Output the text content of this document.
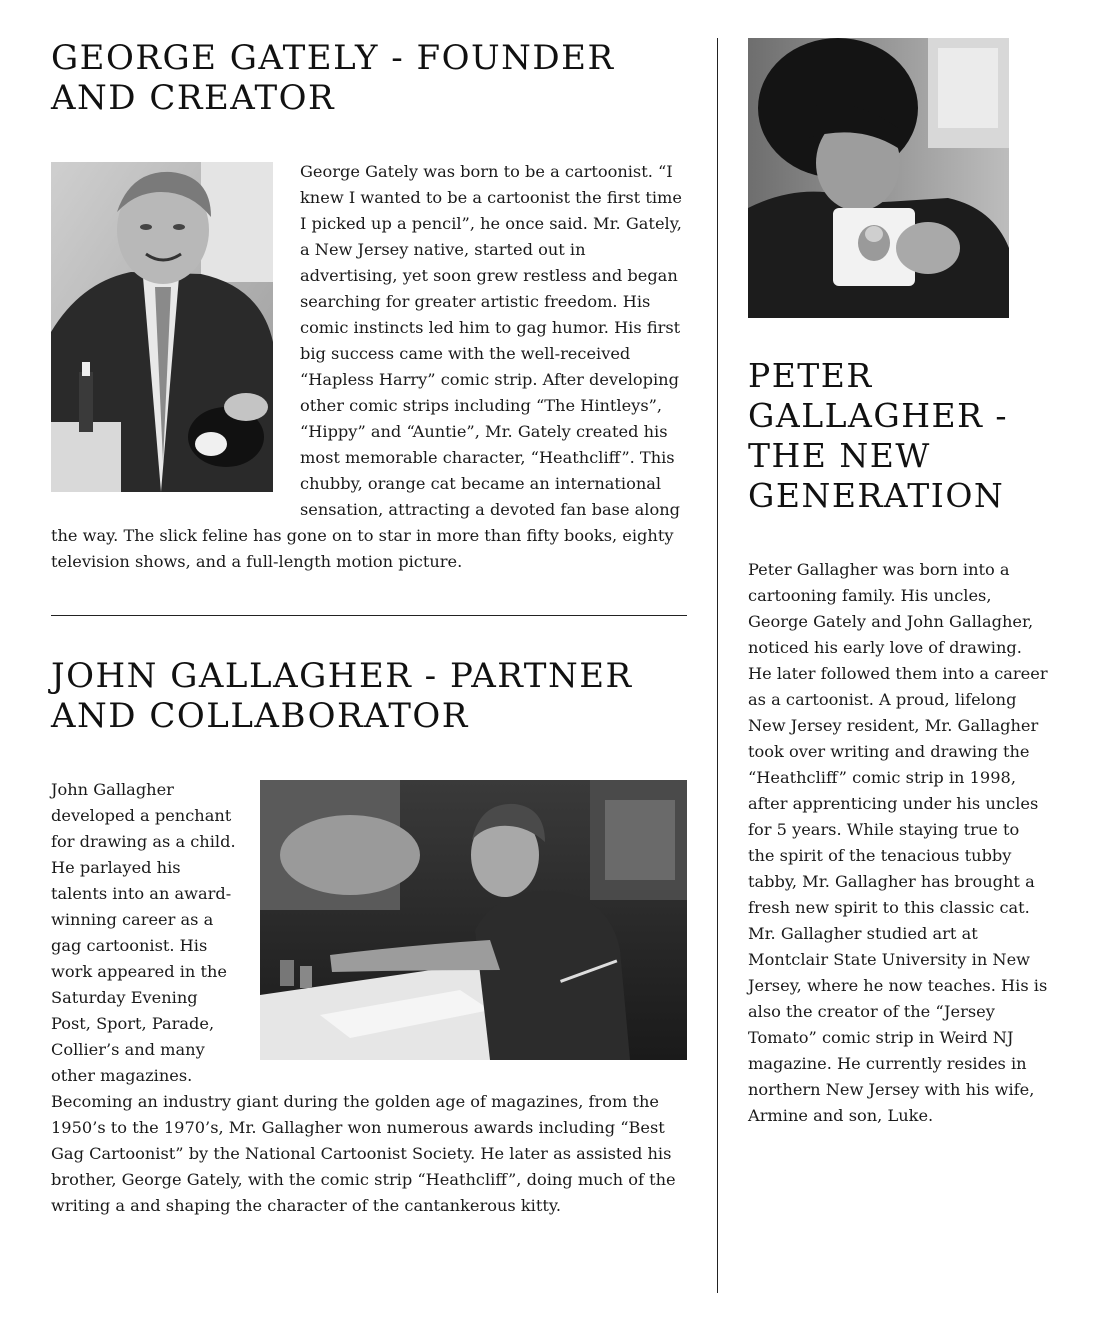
GEORGE GATELY - FOUNDER AND CREATOR

George Gately was born to be a cartoonist. “I knew I wanted to be a cartoonist the first time I picked up a pencil”, he once said. Mr. Gately, a New Jersey native, started out in advertising, yet soon grew restless and began searching for greater artistic freedom. His comic instincts led him to gag humor. His first big success came with the well-received “Hapless Harry” comic strip. After developing other comic strips including “The Hintleys”, “Hippy” and “Auntie”, Mr. Gately created his most memorable character, “Heathcliff”. This chubby, orange cat became an international sensation, attracting a devoted fan base along the way. The slick feline has gone on to star in more than fifty books, eighty television shows, and a full-length motion picture.

JOHN GALLAGHER - PARTNER AND COLLABORATOR

John Gallagher developed a penchant for drawing as a child. He parlayed his talents into an award-winning career as a gag cartoonist. His work appeared in the Saturday Evening Post, Sport, Parade, Collier’s and many other magazines. Becoming an industry giant during the golden age of magazines, from the 1950’s to the 1970’s, Mr. Gallagher won numerous awards including “Best Gag Cartoonist” by the National Cartoonist Society. He later as assisted his brother, George Gately, with the comic strip “Heathcliff”, doing much of the writing a and shaping the character of the cantankerous kitty.

PETER GALLAGHER - THE NEW GENERATION

Peter Gallagher was born into a cartooning family. His uncles, George Gately and John Gallagher, noticed his early love of drawing. He later followed them into a career as a cartoonist. A proud, lifelong New Jersey resident, Mr. Gallagher took over writing and drawing the “Heathcliff” comic strip in 1998, after apprenticing under his uncles for 5 years. While staying true to the spirit of the tenacious tubby tabby, Mr. Gallagher has brought a fresh new spirit to this classic cat. Mr. Gallagher studied art at Montclair State University in New Jersey, where he now teaches. His is also the creator of the “Jersey Tomato” comic strip in Weird NJ magazine. He currently resides in northern New Jersey with his wife, Armine and son, Luke.
